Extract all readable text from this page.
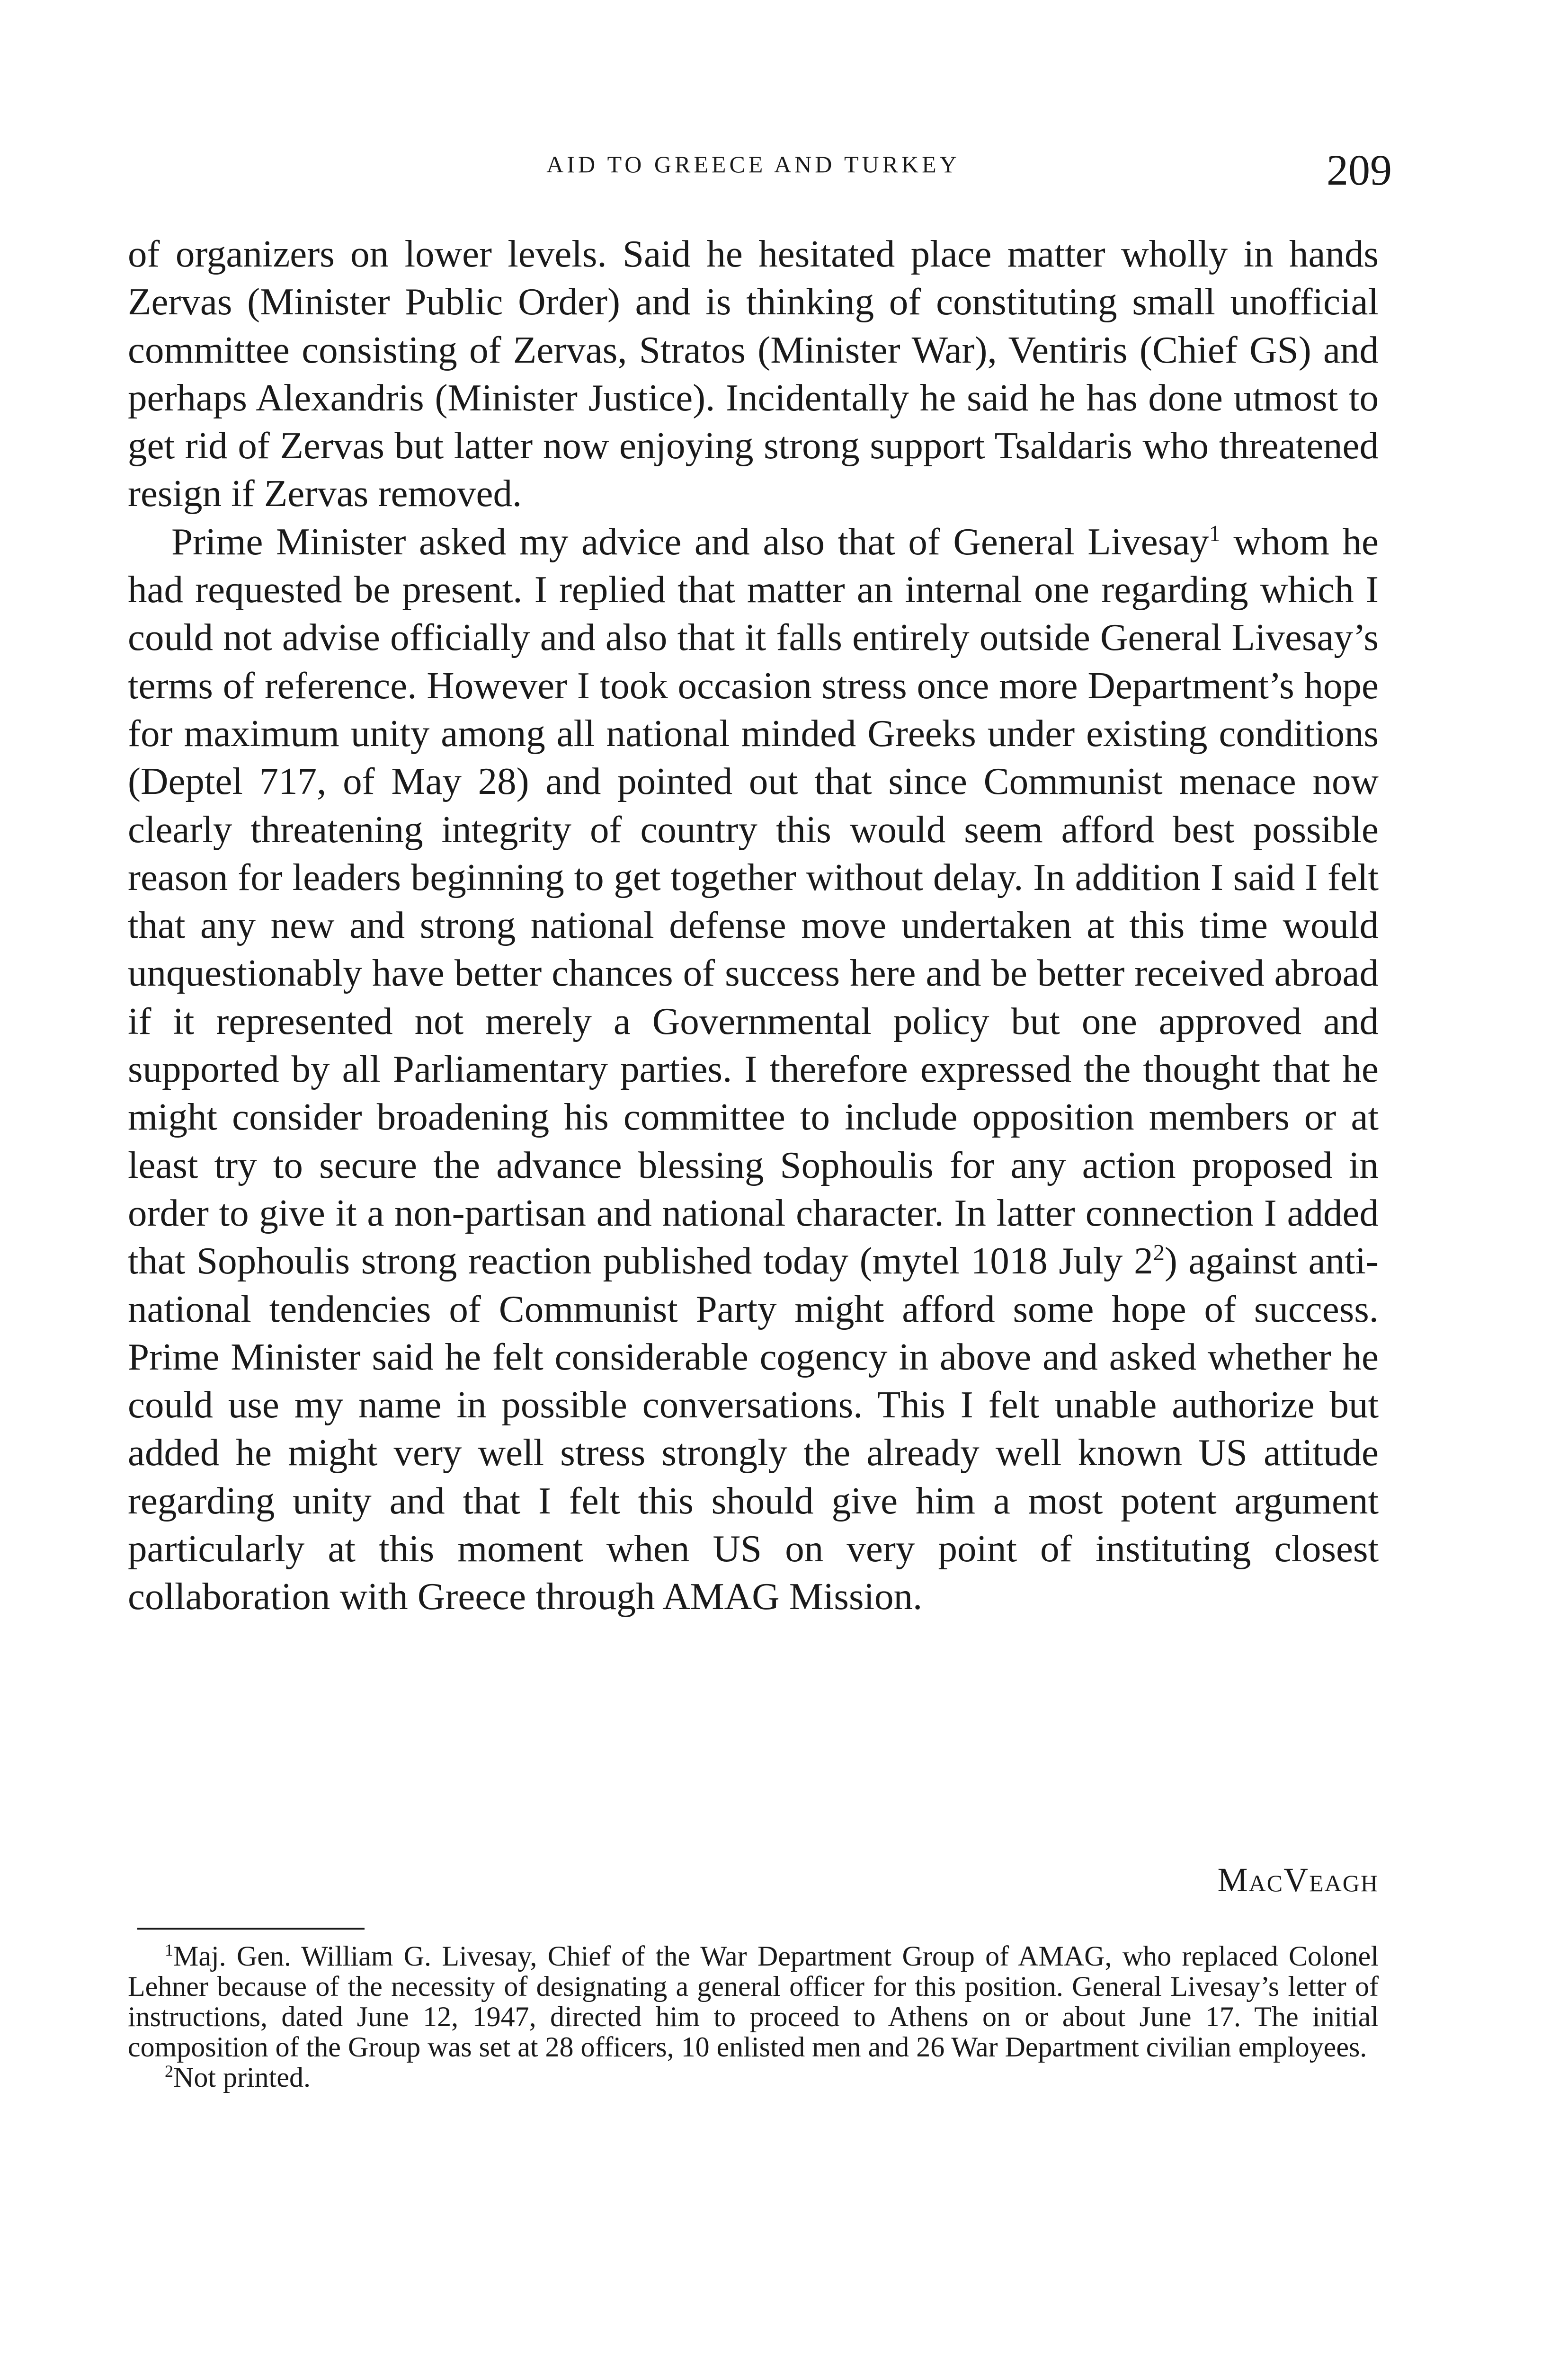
AID TO GREECE AND TURKEY	209

of organizers on lower levels. Said he hesitated place matter wholly in hands Zervas (Minister Public Order) and is thinking of constituting small unofficial committee consisting of Zervas, Stratos (Minister War), Ventiris (Chief GS) and perhaps Alexandris (Minister Justice). Incidentally he said he has done utmost to get rid of Zervas but latter now enjoying strong support Tsaldaris who threatened resign if Zervas removed.

Prime Minister asked my advice and also that of General Livesay$^1$ whom he had requested be present. I replied that matter an internal one regarding which I could not advise officially and also that it falls entirely outside General Livesay’s terms of reference. However I took occasion stress once more Department’s hope for maximum unity among all national minded Greeks under existing conditions (Deptel 717, of May 28) and pointed out that since Communist menace now clearly threatening integrity of country this would seem afford best possible reason for leaders beginning to get together without delay. In addition I said I felt that any new and strong national defense move undertaken at this time would unquestionably have better chances of success here and be better received abroad if it represented not merely a Governmental policy but one approved and supported by all Parliamentary parties. I therefore expressed the thought that he might consider broadening his committee to include opposition members or at least try to secure the advance blessing Sophoulis for any action proposed in order to give it a non-partisan and national character. In latter connection I added that Sophoulis strong reaction published today (mytel 1018 July $2^2$) against anti-national tendencies of Communist Party might afford some hope of success. Prime Minister said he felt considerable cogency in above and asked whether he could use my name in possible conversations. This I felt unable authorize but added he might very well stress strongly the already well known US attitude regarding unity and that I felt this should give him a most potent argument particularly at this moment when US on very point of instituting closest collaboration with Greece through AMAG Mission.

MacVeagh

$^1$Maj. Gen. William G. Livesay, Chief of the War Department Group of AMAG, who replaced Colonel Lehner because of the necessity of designating a general officer for this position. General Livesay’s letter of instructions, dated June 12, 1947, directed him to proceed to Athens on or about June 17. The initial composition of the Group was set at 28 officers, 10 enlisted men and 26 War Department civilian employees.

$^2$Not printed.
